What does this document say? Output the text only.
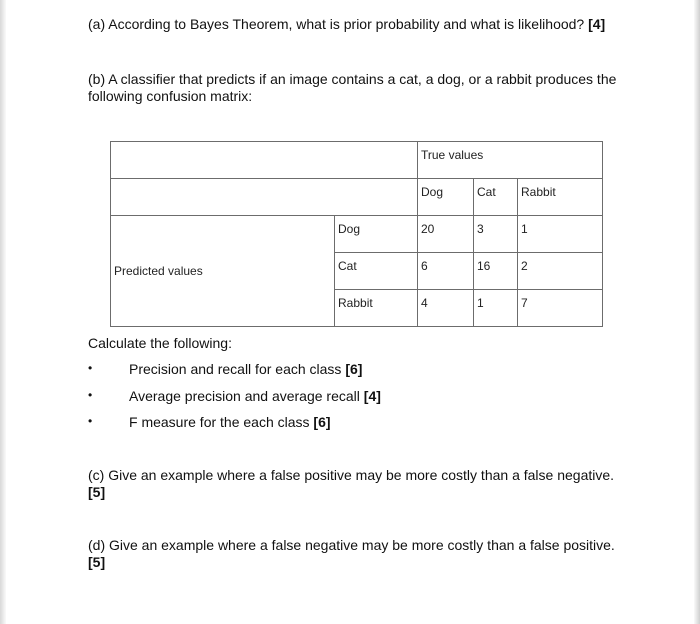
(a) According to Bayes Theorem, what is prior probability and what is likelihood? [4]
(b) A classifier that predicts if an image contains a cat, a dog, or a rabbit produces the
following confusion matrix:
		True values		
		Dog	Cat	Rabbit
Predicted values	Dog	20	3	1
	Cat	6	16	2
	Rabbit	4	1	7
Calculate the following:
•	Precision and recall for each class [6]
•	Average precision and average recall [4]
•	F measure for the each class [6]
(c) Give an example where a false positive may be more costly than a false negative.
[5]
(d) Give an example where a false negative may be more costly than a false positive.
[5]
